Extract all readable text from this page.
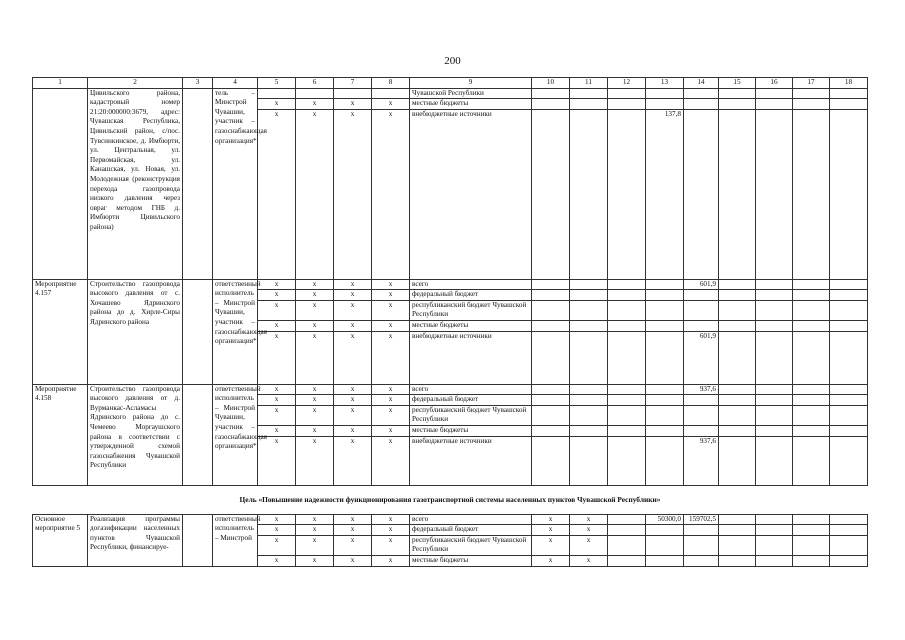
200
1	2	3	4	5	6	7	8	9	10	11	12	13	14	15	16	17	18
	Цивильского района, кадастровый номер 21:20:000000:3679, адрес: Чувашская Республика, Цивильский район, с/пос. Тувсинкинское, д. Имбюрти, ул. Центральная, ул. Первомайская, ул. Канашская, ул. Новая, ул. Молодежная (реконструкция перехода газопровода низкого давления через овраг методом ГНБ д. Имбюрти Цивильского района)		тель – Минстрой Чувашии, участник – газоснабжающая организация*					Чувашской Республики									
				x	x	x	x	местные бюджеты									
				x	x	x	x	внебюджетные источники				137,8					
Мероприятие 4.157	Строительство газопровода высокого давления от с. Хочашево Ядринского района до д. Хирле-Сиры Ядринского района		ответственный исполнитель – Минстрой Чувашии, участник – газоснабжающая организация*	x	x	x	x	всего					601,9				
				x	x	x	x	федеральный бюджет									
				x	x	x	x	республиканский бюджет Чувашской Республики									
				x	x	x	x	местные бюджеты									
				x	x	x	x	внебюджетные источники					601,9				
Мероприятие 4.158	Строительство газопровода высокого давления от д. Вурманкас-Асламасы Ядринского района до с. Чемеево Моргаушского района в соответствии с утвержденной схемой газоснабжения Чувашской Республики		ответственный исполнитель – Минстрой Чувашии, участник – газоснабжающая организация*	x	x	x	x	всего					937,6				
				x	x	x	x	федеральный бюджет									
				x	x	x	x	республиканский бюджет Чувашской Республики									
				x	x	x	x	местные бюджеты									
				x	x	x	x	внебюджетные источники					937,6				
Цель «Повышение надежности функционирования газотранспортной системы населенных пунктов Чувашской Республики»																	
Основное мероприятие 5	Реализация программы догазификации населенных пунктов Чувашской Республики, финансируе-		ответственный исполнитель – Минстрой	x	x	x	x	всего	x	x		50300,0	159702,5				
				x	x	x	x	федеральный бюджет	x	x							
				x	x	x	x	республиканский бюджет Чувашской Республики	x	x							
				x	x	x	x	местные бюджеты	x	x							
